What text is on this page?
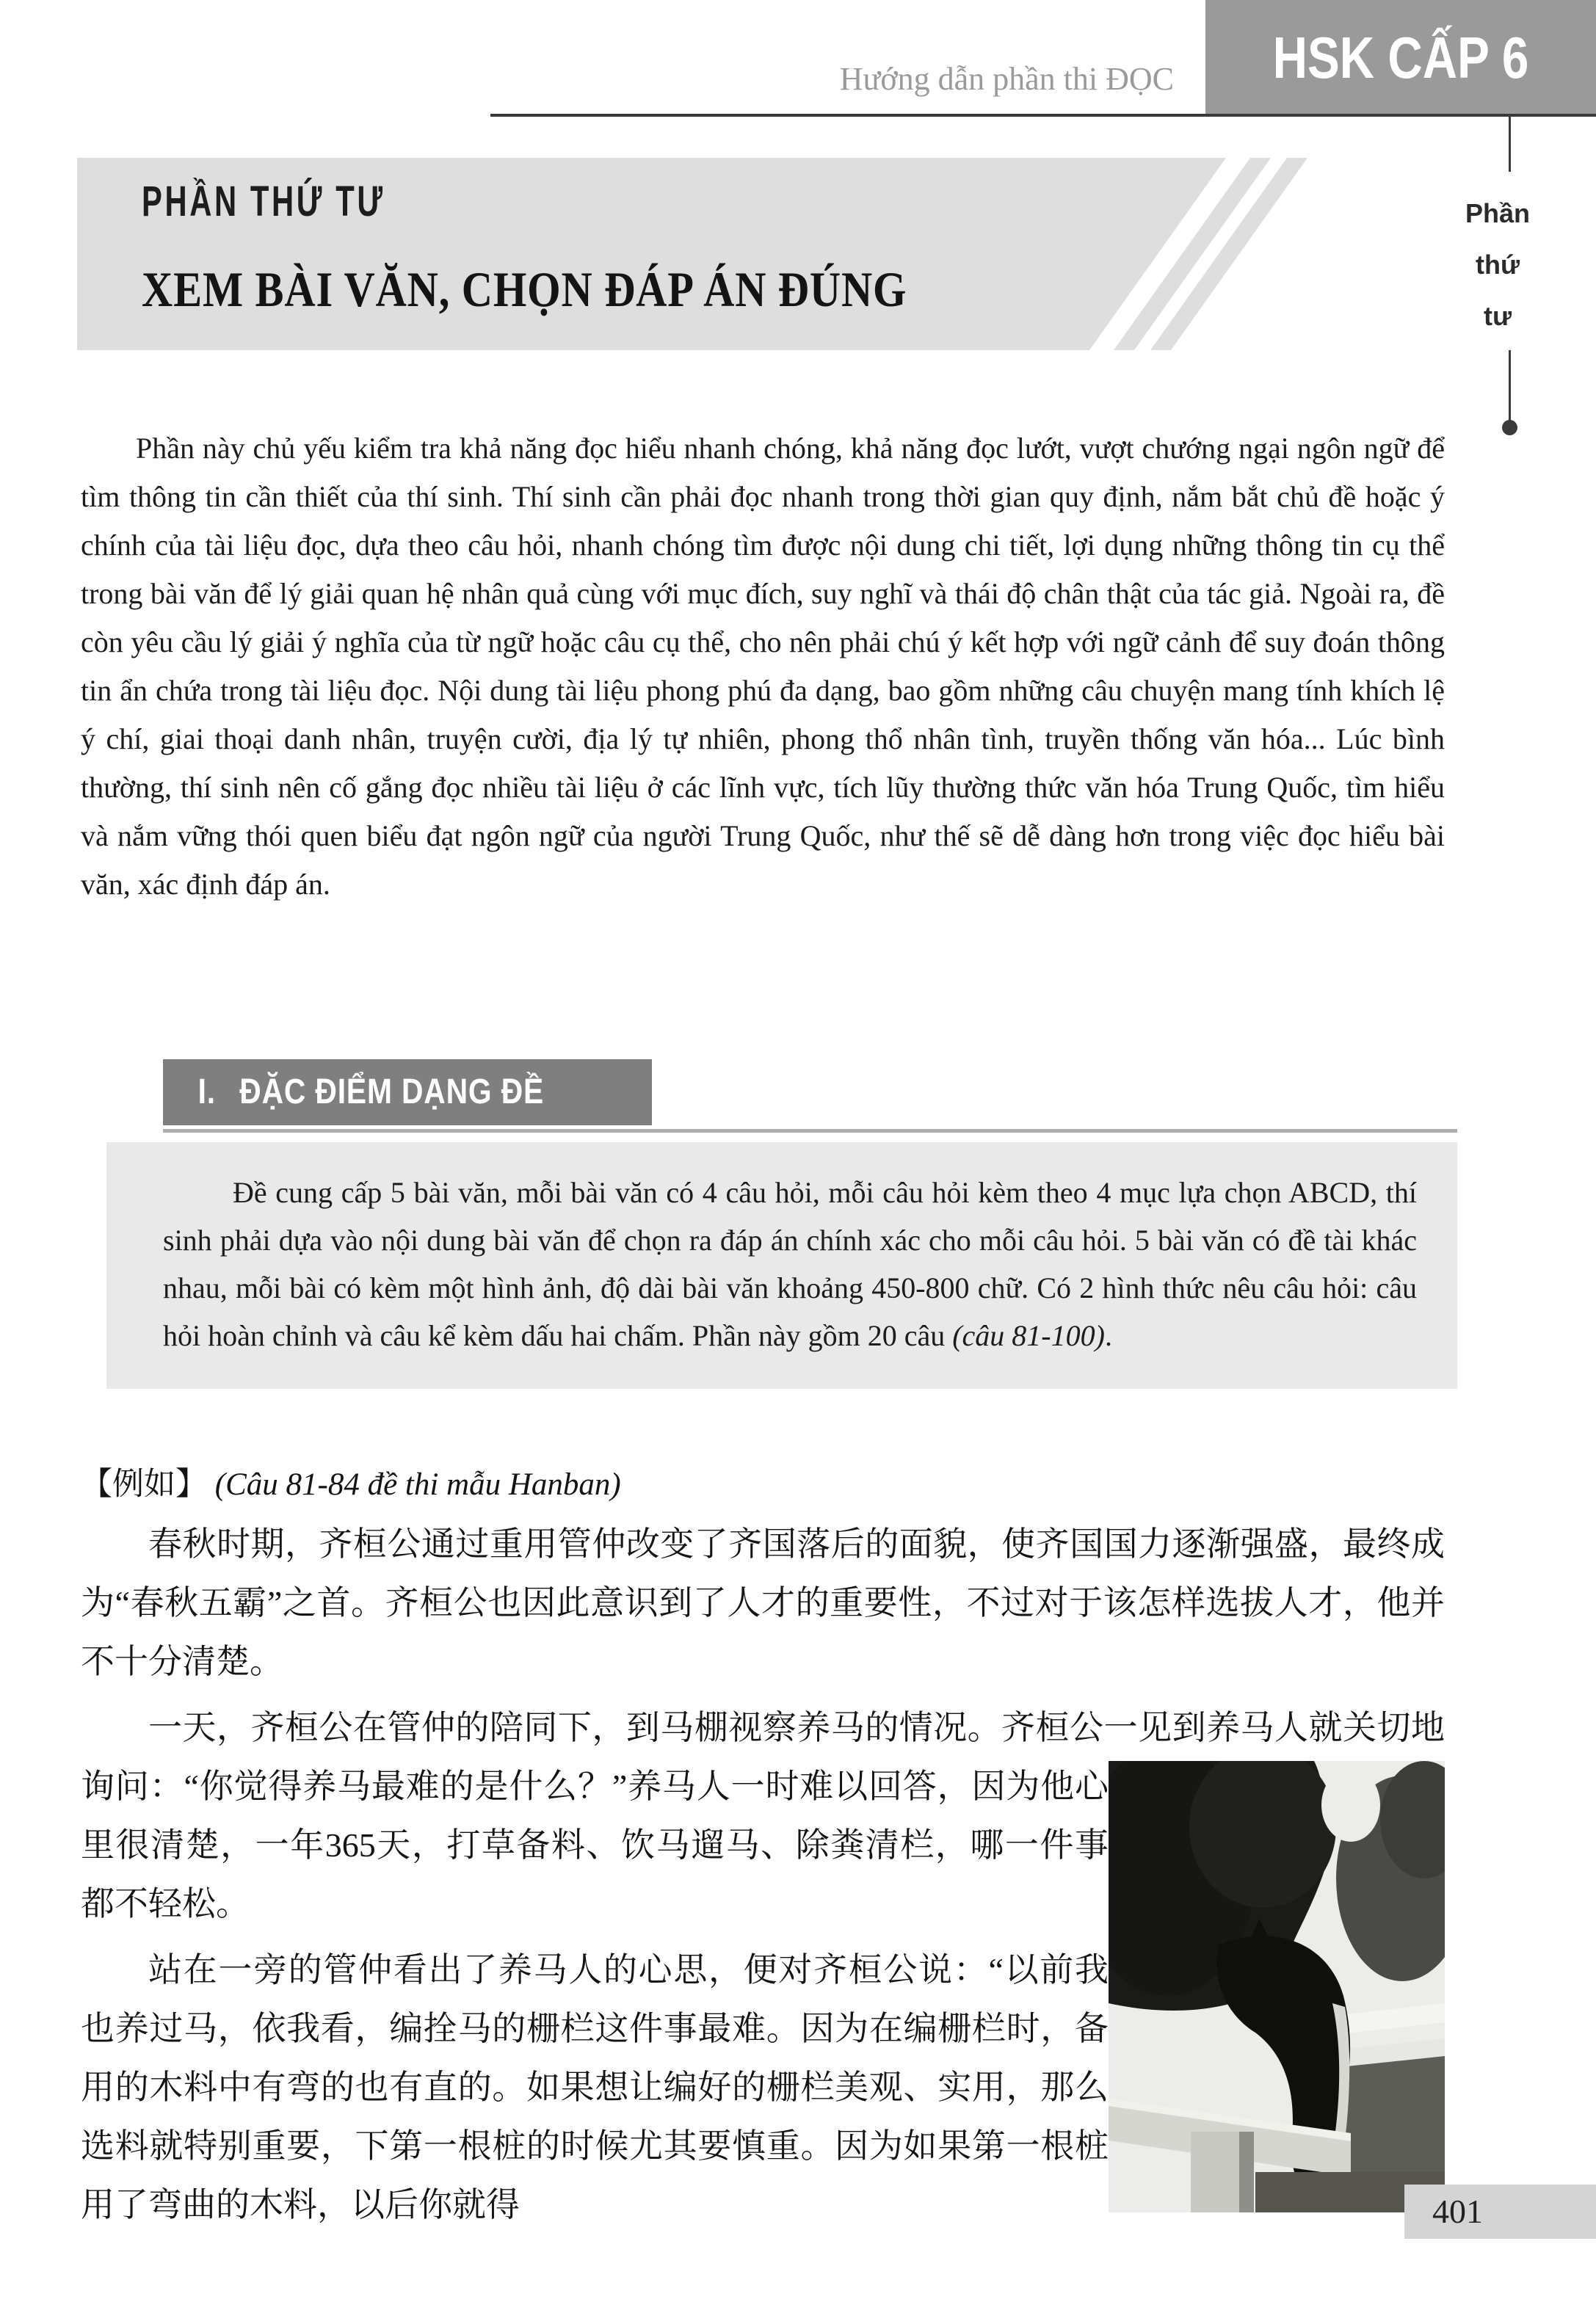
Hướng dẫn phần thi ĐỌC	HSK CẤP 6
Phần
thứ
tư
PHẦN THỨ TƯ
XEM BÀI VĂN, CHỌN ĐÁP ÁN ĐÚNG
Phần này chủ yếu kiểm tra khả năng đọc hiểu nhanh chóng, khả năng đọc lướt, vượt chướng ngại ngôn ngữ để tìm thông tin cần thiết của thí sinh. Thí sinh cần phải đọc nhanh trong thời gian quy định, nắm bắt chủ đề hoặc ý chính của tài liệu đọc, dựa theo câu hỏi, nhanh chóng tìm được nội dung chi tiết, lợi dụng những thông tin cụ thể trong bài văn để lý giải quan hệ nhân quả cùng với mục đích, suy nghĩ và thái độ chân thật của tác giả. Ngoài ra, đề còn yêu cầu lý giải ý nghĩa của từ ngữ hoặc câu cụ thể, cho nên phải chú ý kết hợp với ngữ cảnh để suy đoán thông tin ẩn chứa trong tài liệu đọc. Nội dung tài liệu phong phú đa dạng, bao gồm những câu chuyện mang tính khích lệ ý chí, giai thoại danh nhân, truyện cười, địa lý tự nhiên, phong thổ nhân tình, truyền thống văn hóa... Lúc bình thường, thí sinh nên cố gắng đọc nhiều tài liệu ở các lĩnh vực, tích lũy thường thức văn hóa Trung Quốc, tìm hiểu và nắm vững thói quen biểu đạt ngôn ngữ của người Trung Quốc, như thế sẽ dễ dàng hơn trong việc đọc hiểu bài văn, xác định đáp án.
I. ĐẶC ĐIỂM DẠNG ĐỀ

Đề cung cấp 5 bài văn, mỗi bài văn có 4 câu hỏi, mỗi câu hỏi kèm theo 4 mục lựa chọn ABCD, thí sinh phải dựa vào nội dung bài văn để chọn ra đáp án chính xác cho mỗi câu hỏi. 5 bài văn có đề tài khác nhau, mỗi bài có kèm một hình ảnh, độ dài bài văn khoảng 450-800 chữ. Có 2 hình thức nêu câu hỏi: câu hỏi hoàn chỉnh và câu kể kèm dấu hai chấm. Phần này gồm 20 câu (câu 81-100).

【例如】 (Câu 81-84 đề thi mẫu Hanban)

春秋时期，齐桓公通过重用管仲改变了齐国落后的面貌，使齐国国力逐渐强盛，最终成为“春秋五霸”之首。齐桓公也因此意识到了人才的重要性，不过对于该怎样选拔人才，他并不十分清楚。

一天，齐桓公在管仲的陪同下，到马棚视察养马的情况。齐桓公一见到养马人就关切地询问：“你觉得养马最难的是什么？”养马人一时难以回答，因为他心里很清楚，一年365天，打草备料、饮马遛马、除粪清栏，哪一件事都不轻松。

站在一旁的管仲看出了养马人的心思，便对齐桓公说：“以前我也养过马，依我看，编拴马的栅栏这件事最难。因为在编栅栏时，备用的木料中有弯的也有直的。如果想让编好的栅栏美观、实用，那么选料就特别重要，下第一根桩的时候尤其要慎重。因为如果第一根桩用了弯曲的木料，以后你就得	401
